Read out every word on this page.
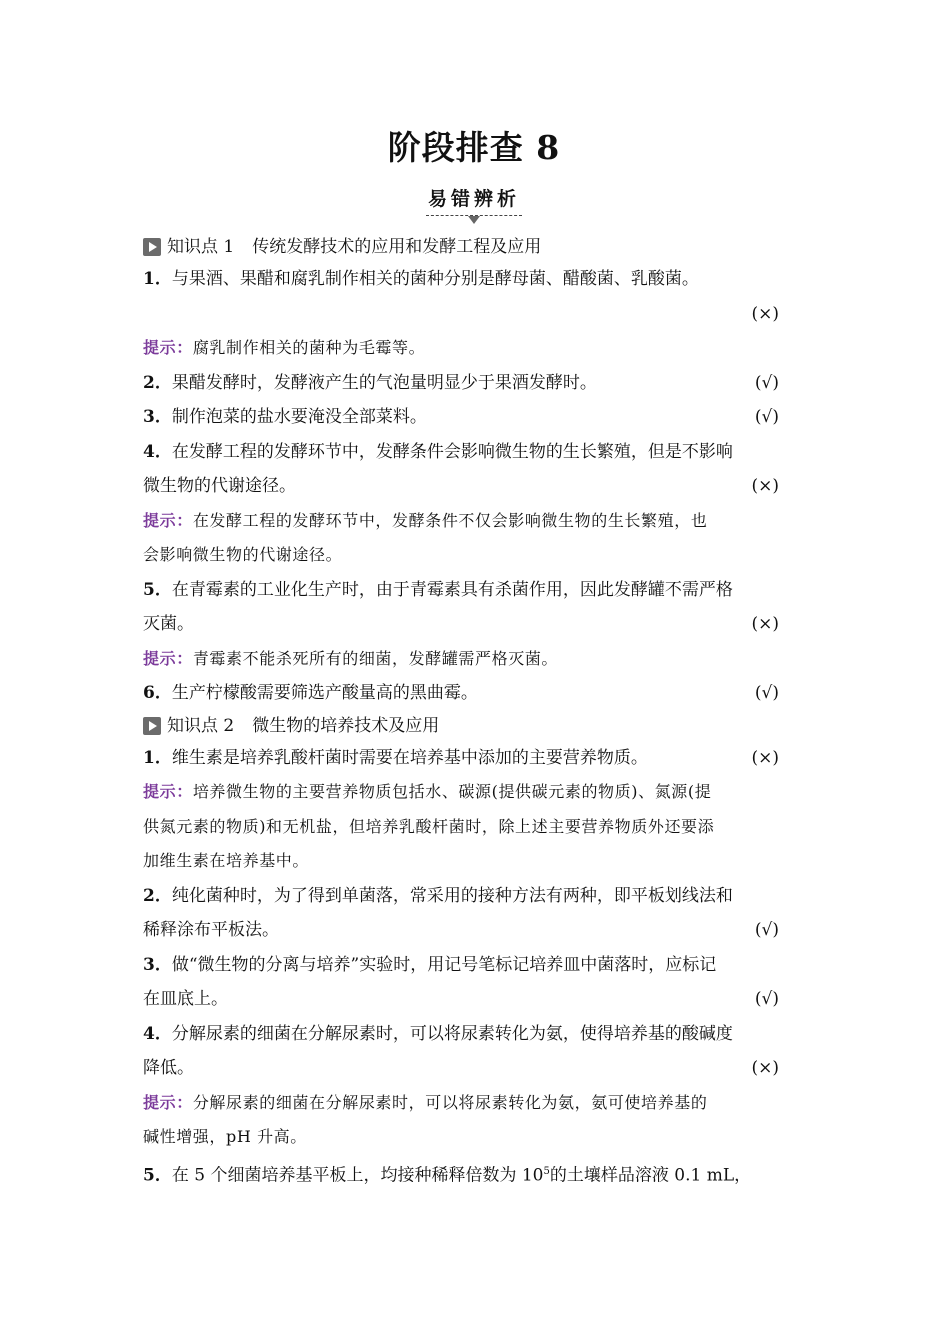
阶段排查 8
易错辨析
知识点 1 传统发酵技术的应用和发酵工程及应用

1．与果酒、果醋和腐乳制作相关的菌种分别是酵母菌、醋酸菌、乳酸菌。
(×)

提示：腐乳制作相关的菌种为毛霉等。

2．果醋发酵时，发酵液产生的气泡量明显少于果酒发酵时。	(√)

3．制作泡菜的盐水要淹没全部菜料。	(√)

4．在发酵工程的发酵环节中，发酵条件会影响微生物的生长繁殖，但是不影响
微生物的代谢途径。	(×)

提示：在发酵工程的发酵环节中，发酵条件不仅会影响微生物的生长繁殖，也
会影响微生物的代谢途径。

5．在青霉素的工业化生产时，由于青霉素具有杀菌作用，因此发酵罐不需严格
灭菌。	(×)

提示：青霉素不能杀死所有的细菌，发酵罐需严格灭菌。

6．生产柠檬酸需要筛选产酸量高的黑曲霉。	(√)

知识点 2 微生物的培养技术及应用

1．维生素是培养乳酸杆菌时需要在培养基中添加的主要营养物质。	(×)

提示：培养微生物的主要营养物质包括水、碳源(提供碳元素的物质)、氮源(提
供氮元素的物质)和无机盐，但培养乳酸杆菌时，除上述主要营养物质外还要添
加维生素在培养基中。

2．纯化菌种时，为了得到单菌落，常采用的接种方法有两种，即平板划线法和
稀释涂布平板法。	(√)

3．做“微生物的分离与培养”实验时，用记号笔标记培养皿中菌落时，应标记
在皿底上。	(√)

4．分解尿素的细菌在分解尿素时，可以将尿素转化为氨，使得培养基的酸碱度
降低。	(×)

提示：分解尿素的细菌在分解尿素时，可以将尿素转化为氨，氨可使培养基的
碱性增强，pH 升高。

5．在 5 个细菌培养基平板上，均接种稀释倍数为 $10^5$的土壤样品溶液 0.1 mL，
